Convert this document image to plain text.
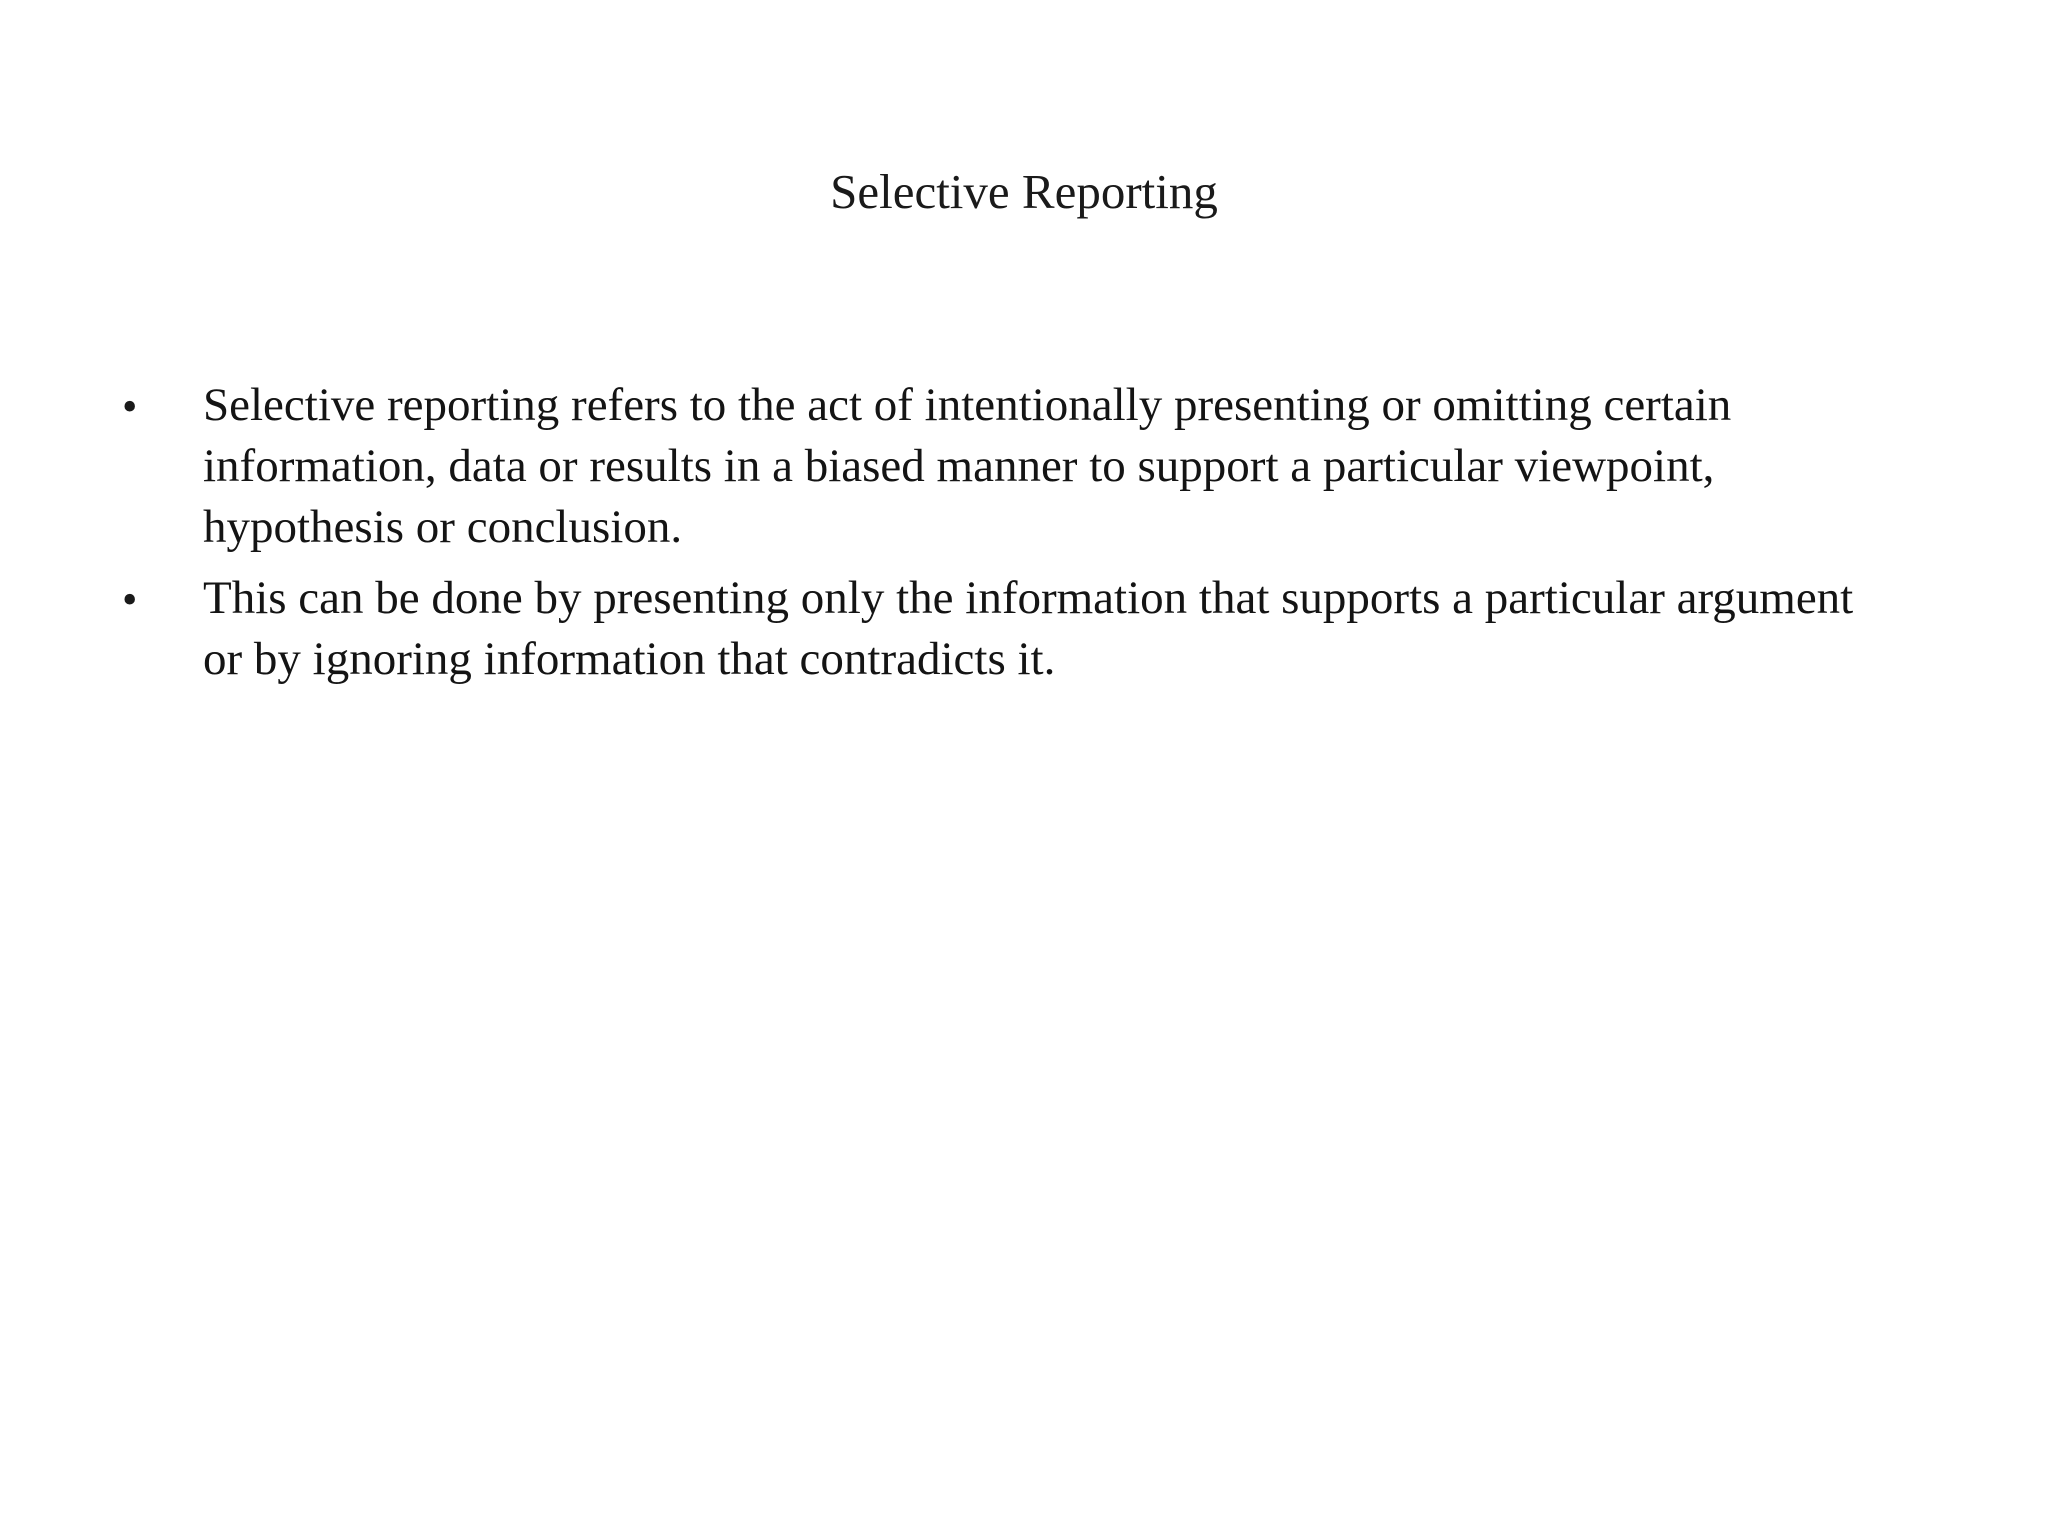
Selective Reporting
• Selective reporting refers to the act of intentionally presenting or omitting certain information, data or results in a biased manner to support a particular viewpoint, hypothesis or conclusion.
• This can be done by presenting only the information that supports a particular argument or by ignoring information that contradicts it.
